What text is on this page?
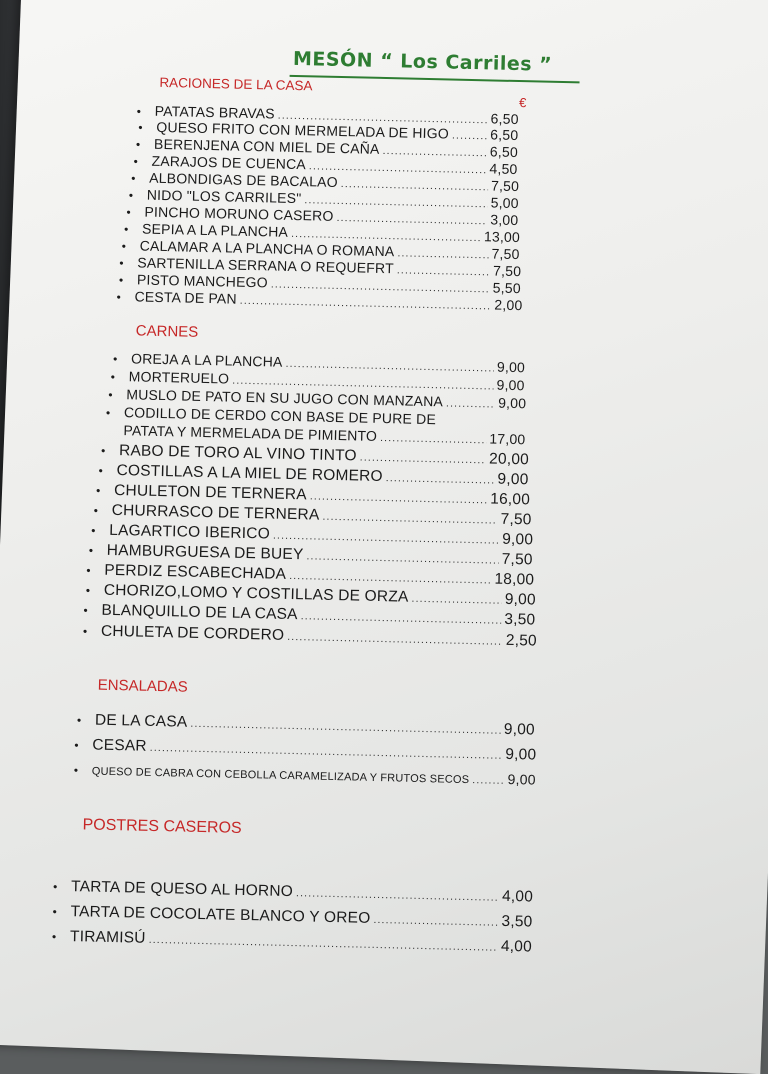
MESÓN “ Los Carriles ”
RACIONES DE LA CASA
€
CARNES
ENSALADAS
POSTRES CASEROS
• PATATAS BRAVAS .....	6,50
• QUESO FRITO CON MERMELADA DE HIGO .....	6,50
• BERENJENA CON MIEL DE CAÑA .....	6,50
• ZARAJOS DE CUENCA .....	4,50
• ALBONDIGAS DE BACALAO .....	7,50
• NIDO "LOS CARRILES" .....	5,00
• PINCHO MORUNO CASERO .....	3,00
• SEPIA A LA PLANCHA .....	13,00
• CALAMAR A LA PLANCHA O ROMANA .....	7,50
• SARTENILLA SERRANA O REQUEFRT .....	7,50
• PISTO MANCHEGO .....	5,50
• CESTA DE PAN .....	2,00
• OREJA A LA PLANCHA .....	9,00
• MORTERUELO .....	9,00
• MUSLO DE PATO EN SU JUGO CON MANZANA .....	9,00
• CODILLO DE CERDO CON BASE DE PURE DE
PATATA Y MERMELADA DE PIMIENTO .....	17,00
• RABO DE TORO AL VINO TINTO .....	20,00
• COSTILLAS A LA MIEL DE ROMERO .....	9,00
• CHULETON DE TERNERA .....	16,00
• CHURRASCO DE TERNERA .....	7,50
• LAGARTICO IBERICO .....	9,00
• HAMBURGUESA DE BUEY .....	7,50
• PERDIZ ESCABECHADA .....	18,00
• CHORIZO,LOMO Y COSTILLAS DE ORZA .....	9,00
• BLANQUILLO DE LA CASA .....	3,50
• CHULETA DE CORDERO .....	2,50
• DE LA CASA .....	9,00
• CESAR .....	9,00
•	QUESO DE CABRA CON CEBOLLA CARAMELIZADA Y FRUTOS SECOS .....	9,00
• TARTA DE QUESO AL HORNO .....	4,00
• TARTA DE COCOLATE BLANCO Y OREO .....	3,50
• TIRAMISÚ .....	4,00
